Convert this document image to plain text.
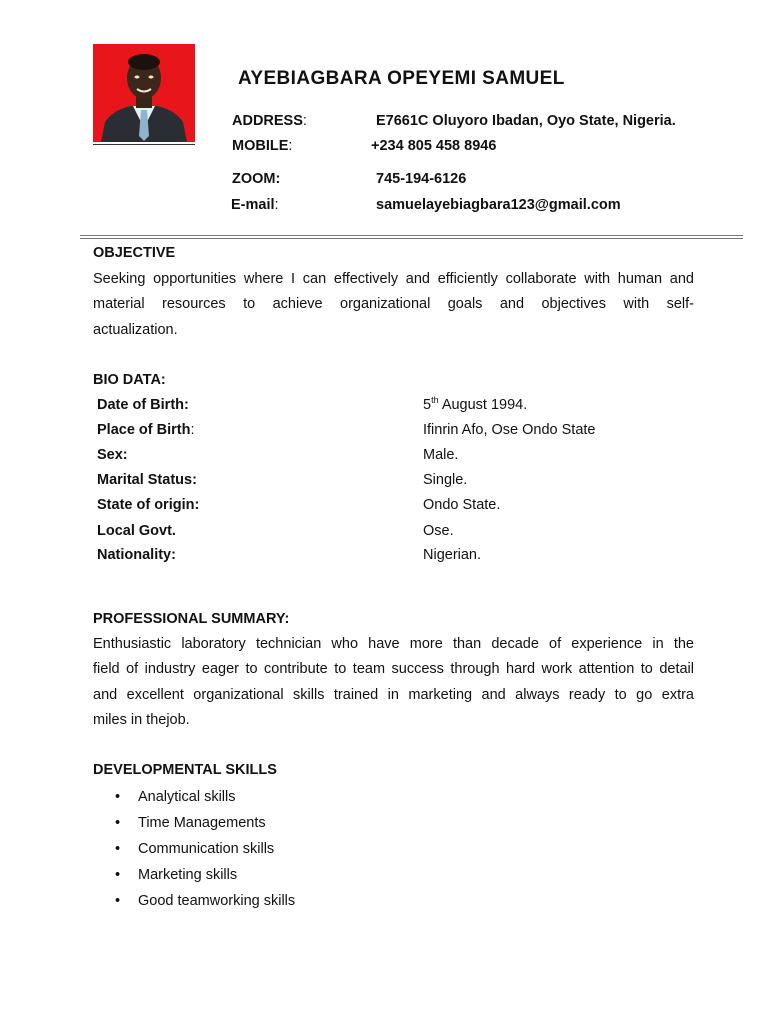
AYEBIAGBARA OPEYEMI SAMUEL
ADDRESS:	E7661C Oluyoro Ibadan, Oyo State, Nigeria.
MOBILE:	+234 805 458 8946
ZOOM:	745-194-6126
E-mail:	samuelayebiagbara123@gmail.com
OBJECTIVE
Seeking opportunities where I can effectively and efficiently collaborate with human and
material resources to achieve organizational goals and objectives with self-
actualization.
BIO DATA:
Date of Birth:	5th August 1994.
Place of Birth:	Ifinrin Afo, Ose Ondo State
Sex:	Male.
Marital Status:	Single.
State of origin:	Ondo State.
Local Govt.	Ose.
Nationality:	Nigerian.
PROFESSIONAL SUMMARY:
Enthusiastic laboratory technician who have more than decade of experience in the
field of industry eager to contribute to team success through hard work attention to detail
and excellent organizational skills trained in marketing and always ready to go extra
miles in thejob.
DEVELOPMENTAL SKILLS
• Analytical skills
• Time Managements
• Communication skills
• Marketing skills
• Good teamworking skills
